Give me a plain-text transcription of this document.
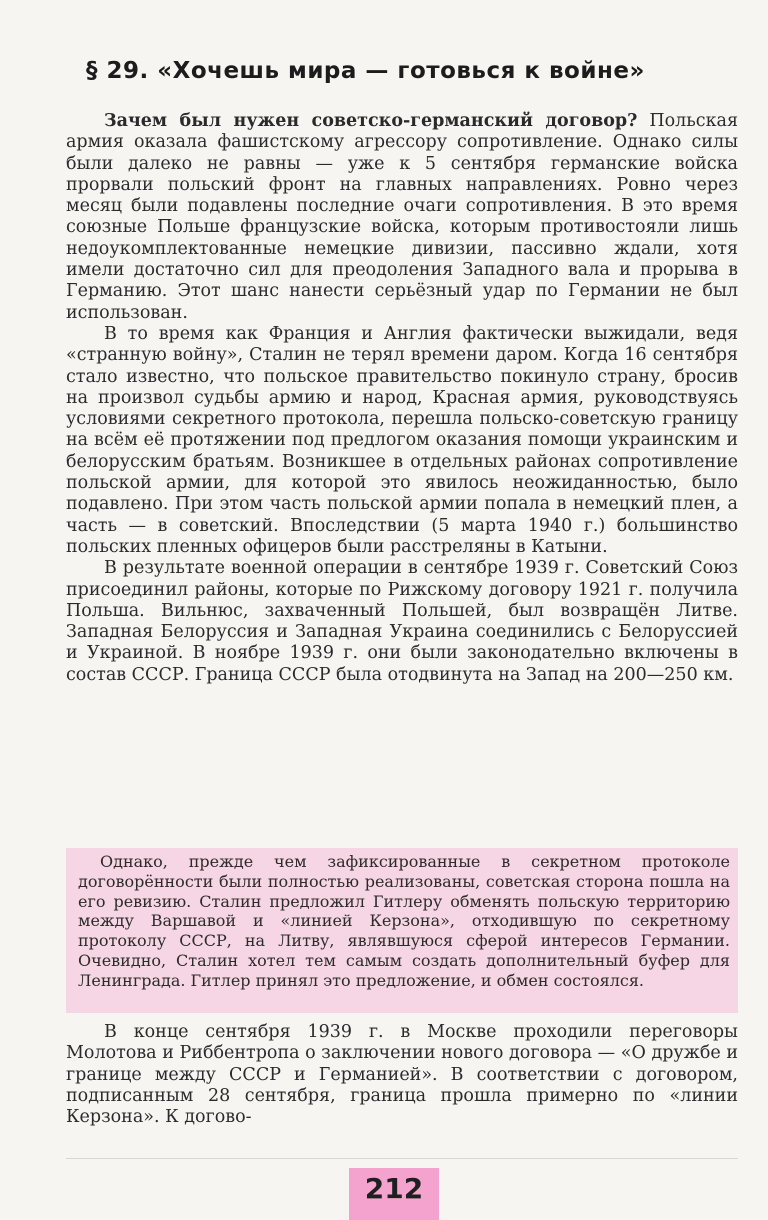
§ 29. «Хочешь мира — готовься к войне»

Зачем был нужен советско-германский договор? Польская армия оказала фашистскому агрессору сопротивление. Однако силы были далеко не равны — уже к 5 сентября германские войска прорвали польский фронт на главных направлениях. Ровно через месяц были подавлены последние очаги сопротивления. В это время союзные Польше французские войска, которым противостояли лишь недоукомплектованные немецкие дивизии, пассивно ждали, хотя имели достаточно сил для преодоления Западного вала и прорыва в Германию. Этот шанс нанести серьёзный удар по Германии не был использован.

В то время как Франция и Англия фактически выжидали, ведя «странную войну», Сталин не терял времени даром. Когда 16 сентября стало известно, что польское правительство покинуло страну, бросив на произвол судьбы армию и народ, Красная армия, руководствуясь условиями секретного протокола, перешла польско-советскую границу на всём её протяжении под предлогом оказания помощи украинским и белорусским братьям. Возникшее в отдельных районах сопротивление польской армии, для которой это явилось неожиданностью, было подавлено. При этом часть польской армии попала в немецкий плен, а часть — в советский. Впоследствии (5 марта 1940 г.) большинство польских пленных офицеров были расстреляны в Катыни.

В результате военной операции в сентябре 1939 г. Советский Союз присоединил районы, которые по Рижскому договору 1921 г. получила Польша. Вильнюс, захваченный Польшей, был возвращён Литве. Западная Белоруссия и Западная Украина соединились с Белоруссией и Украиной. В ноябре 1939 г. они были законодательно включены в состав СССР. Граница СССР была отодвинута на Запад на 200—250 км.

Однако, прежде чем зафиксированные в секретном протоколе договорённости были полностью реализованы, советская сторона пошла на его ревизию. Сталин предложил Гитлеру обменять польскую территорию между Варшавой и «линией Керзона», отходившую по секретному протоколу СССР, на Литву, являвшуюся сферой интересов Германии. Очевидно, Сталин хотел тем самым создать дополнительный буфер для Ленинграда. Гитлер принял это предложение, и обмен состоялся.

В конце сентября 1939 г. в Москве проходили переговоры Молотова и Риббентропа о заключении нового договора — «О дружбе и границе между СССР и Германией». В соответствии с договором, подписанным 28 сентября, граница прошла примерно по «линии Керзона». К догово-

212
